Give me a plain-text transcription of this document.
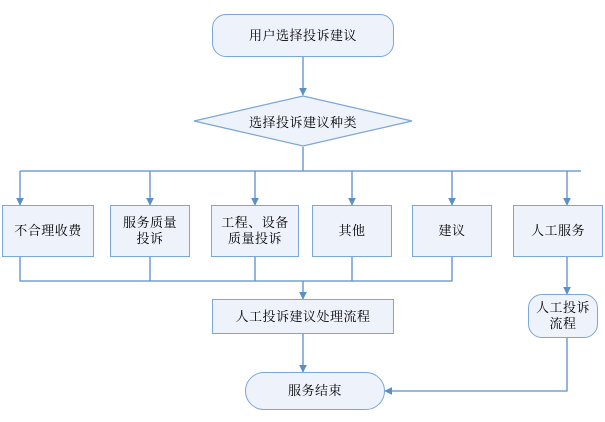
用户选择投诉建议
选择投诉建议种类
不合理收费
服务质量投诉
工程、设备质量投诉
其他	建议	人工服务
人工投诉建议处理流程
人工投诉流程
服务结束
